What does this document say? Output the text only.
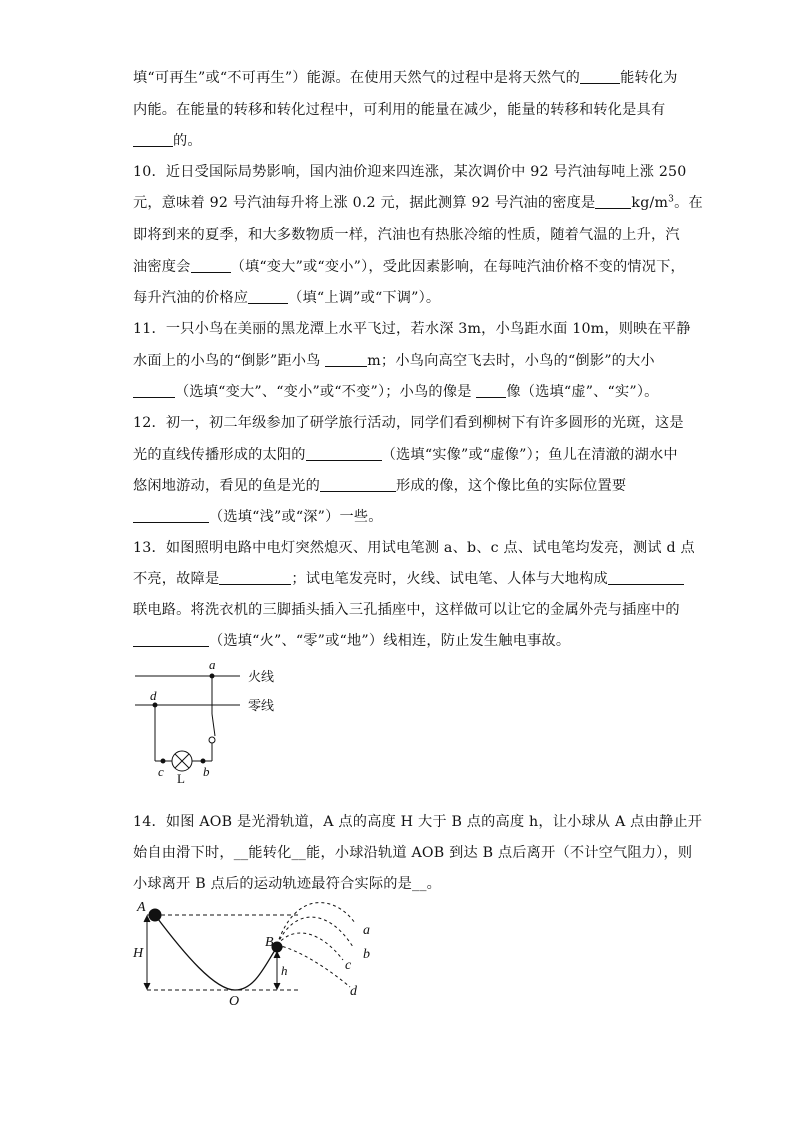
填“可再生”或“不可再生”）能源。在使用天然气的过程中是将天然气的	能转化为
内能。在能量的转移和转化过程中，可利用的能量在减少，能量的转移和转化是具有
的。
10．近日受国际局势影响，国内油价迎来四连涨，某次调价中 92 号汽油每吨上涨 250
元，意味着 92 号汽油每升将上涨 0.2 元，据此测算 92 号汽油的密度是	$kg/m^3$。在
即将到来的夏季，和大多数物质一样，汽油也有热胀冷缩的性质，随着气温的上升，汽
油密度会	（填“变大”或“变小”），受此因素影响，在每吨汽油价格不变的情况下，
每升汽油的价格应	（填“上调”或“下调”）。
11．一只小鸟在美丽的黑龙潭上水平飞过，若水深 3m，小鸟距水面 10m，则映在平静
水面上的小鸟的“倒影”距小鸟	m；小鸟向高空飞去时，小鸟的“倒影”的大小
（选填“变大”、“变小”或“不变”）；小鸟的像是 像（选填“虚”、“实”）。
12．初一，初二年级参加了研学旅行活动，同学们看到柳树下有许多圆形的光斑，这是
光的直线传播形成的太阳的	（选填“实像”或“虚像”）；鱼儿在清澈的湖水中
悠闲地游动，看见的鱼是光的	形成的像，这个像比鱼的实际位置要
（选填“浅”或“深”）一些。
13．如图照明电路中电灯突然熄灭、用试电笔测 a、b、c 点、试电笔均发亮，测试 d 点
不亮，故障是	；试电笔发亮时，火线、试电笔、人体与大地构成
联电路。将洗衣机的三脚插头插入三孔插座中，这样做可以让它的金属外壳与插座中的
（选填“火”、“零”或“地”）线相连，防止发生触电事故。
火线
零线
a
d
c	b
L
14．如图 AOB 是光滑轨道，A 点的高度 H 大于 B 点的高度 h，让小球从 A 点由静止开
始自由滑下时，__能转化__能，小球沿轨道 AOB 到达 B 点后离开（不计空气阻力），则
小球离开 B 点后的运动轨迹最符合实际的是__。
A
B
H
h
O
a
b
c
d
